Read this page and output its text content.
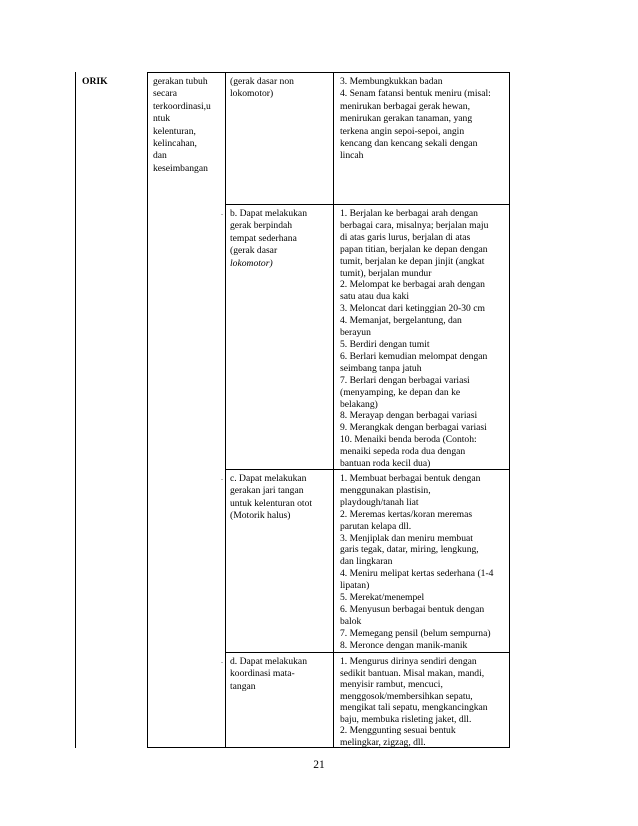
.
.
.
ORIK	gerakan tubuh
secara
terkoordinasi,u
ntuk
kelenturan,
kelincahan,
dan
keseimbangan
(gerak dasar non
lokomotor)
3. Membungkukkan badan
4. Senam fatansi bentuk meniru (misal:
menirukan berbagai gerak hewan,
menirukan gerakan tanaman, yang
terkena angin sepoi-sepoi, angin
kencang dan kencang sekali dengan
lincah
b. Dapat melakukan
gerak berpindah
tempat sederhana
(gerak dasar
lokomotor)
1. Berjalan ke berbagai arah dengan
berbagai cara, misalnya; berjalan maju
di atas garis lurus, berjalan di atas
papan titian, berjalan ke depan dengan
tumit, berjalan ke depan jinjit (angkat
tumit), berjalan mundur
2. Melompat ke berbagai arah dengan
satu atau dua kaki
3. Meloncat dari ketinggian 20-30 cm
4. Memanjat, bergelantung, dan
berayun
5. Berdiri dengan tumit
6. Berlari kemudian melompat dengan
seimbang tanpa jatuh
7. Berlari dengan berbagai variasi
(menyamping, ke depan dan ke
belakang)
8. Merayap dengan berbagai variasi
9. Merangkak dengan berbagai variasi
10. Menaiki benda beroda (Contoh:
menaiki sepeda roda dua dengan
bantuan roda kecil dua)
c. Dapat melakukan
gerakan jari tangan
untuk kelenturan otot
(Motorik halus)
1. Membuat berbagai bentuk dengan
menggunakan plastisin,
playdough/tanah liat
2. Meremas kertas/koran meremas
parutan kelapa dll.
3. Menjiplak dan meniru membuat
garis tegak, datar, miring, lengkung,
dan lingkaran
4. Meniru melipat kertas sederhana (1-4
lipatan)
5. Merekat/menempel
6. Menyusun berbagai bentuk dengan
balok
7. Memegang pensil (belum sempurna)
8. Meronce dengan manik-manik
d. Dapat melakukan
koordinasi mata-
tangan
1. Mengurus dirinya sendiri dengan
sedikit bantuan. Misal makan, mandi,
menyisir rambut, mencuci,
menggosok/membersihkan sepatu,
mengikat tali sepatu, mengkancingkan
baju, membuka risleting jaket, dll.
2. Menggunting sesuai bentuk
melingkar, zigzag, dll.
21
